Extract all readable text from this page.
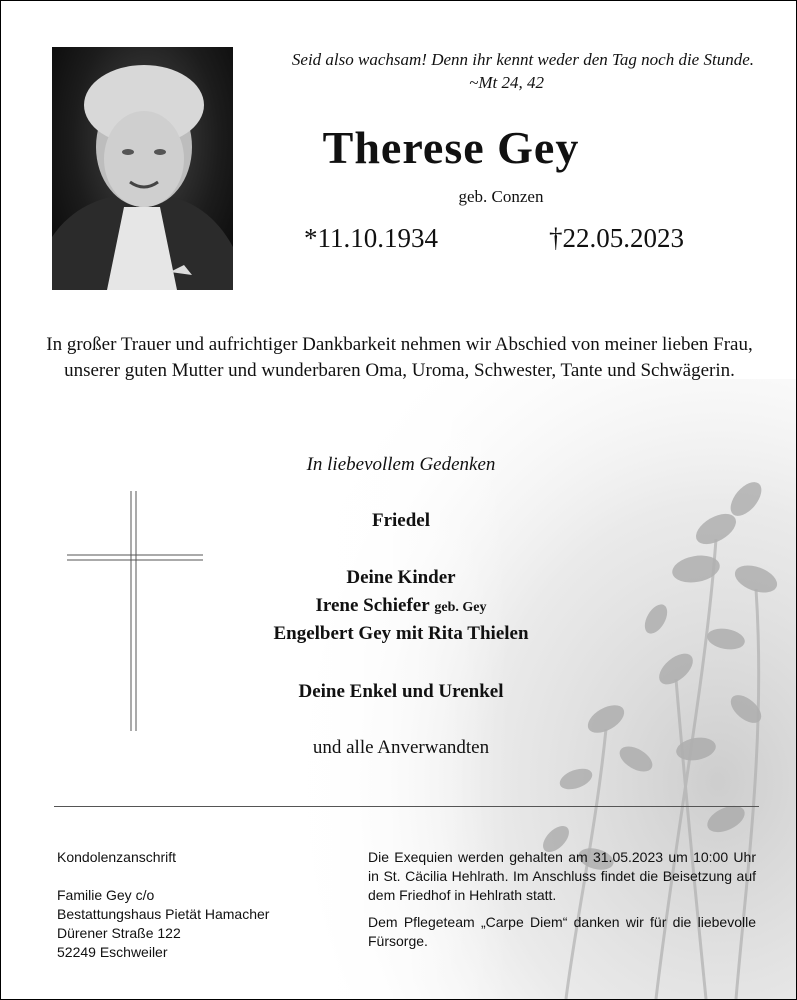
Seid also wachsam! Denn ihr kennt weder den Tag noch die Stunde.
~Mt 24, 42
Therese Gey
geb. Conzen
*11.10.1934	†22.05.2023
In großer Trauer und aufrichtiger Dankbarkeit nehmen wir Abschied von meiner lieben Frau, unserer guten Mutter und wunderbaren Oma, Uroma, Schwester, Tante und Schwägerin.
In liebevollem Gedenken
Friedel
Deine Kinder
Irene Schiefer geb. Gey
Engelbert Gey mit Rita Thielen
Deine Enkel und Urenkel
und alle Anverwandten
Kondolenzanschrift
Familie Gey c/o
Bestattungshaus Pietät Hamacher
Dürener Straße 122
52249 Eschweiler

Die Exequien werden gehalten am 31.05.2023 um 10:00 Uhr in St. Cäcilia Hehlrath. Im Anschluss findet die Beisetzung auf dem Friedhof in Hehlrath statt.

Dem Pflegeteam „Carpe Diem“ danken wir für die liebevolle Fürsorge.
